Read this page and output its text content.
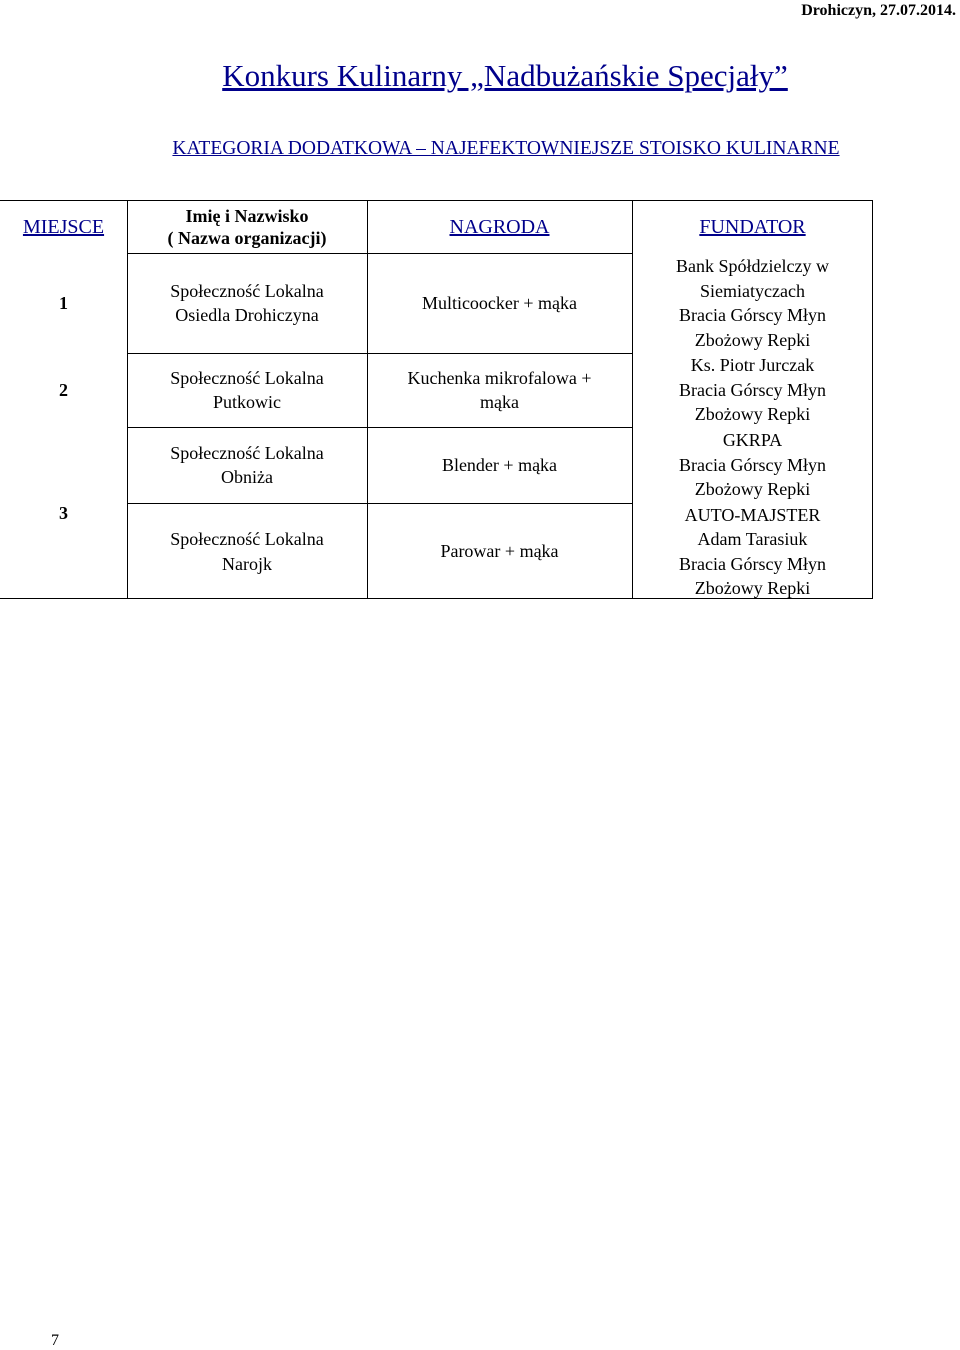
Drohiczyn, 27.07.2014.
Konkurs Kulinarny „Nadbużańskie Specjały”
KATEGORIA DODATKOWA – NAJEFEKTOWNIEJSZE STOISKO KULINARNE
MIEJSCE	Imię i Nazwisko
( Nazwa organizacji)
NAGRODA	FUNDATOR
1
2
3
Społeczność Lokalna
Osiedla Drohiczyna
Społeczność Lokalna
Putkowic
Społeczność Lokalna
Obniża
Społeczność Lokalna
Narojk
Multicoocker + mąka
Kuchenka mikrofalowa +
mąka
Blender + mąka
Parowar + mąka
Bank Spółdzielczy w
Siemiatyczach
Bracia Górscy Młyn
Zbożowy Repki
Ks. Piotr Jurczak
Bracia Górscy Młyn
Zbożowy Repki
GKRPA
Bracia Górscy Młyn
Zbożowy Repki
AUTO-MAJSTER
Adam Tarasiuk
Bracia Górscy Młyn
Zbożowy Repki
7
